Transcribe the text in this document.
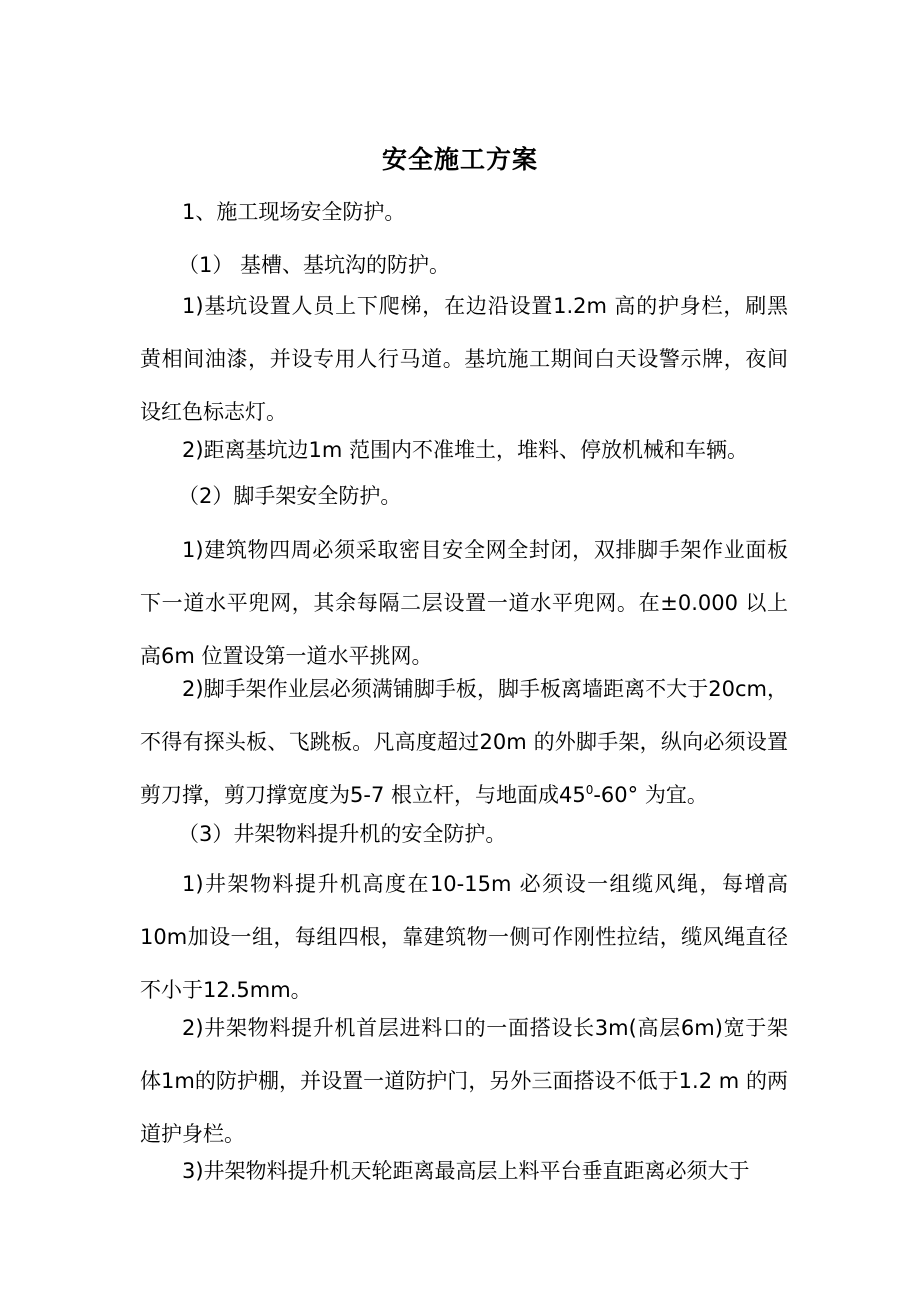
安全施工方案

1、施工现场安全防护。

（1） 基槽、基坑沟的防护。

1)基坑设置人员上下爬梯，在边沿设置1.2m 高的护身栏，刷黑黄相间油漆，并设专用人行马道。基坑施工期间白天设警示牌，夜间设红色标志灯。

2)距离基坑边1m 范围内不准堆土，堆料、停放机械和车辆。

（2）脚手架安全防护。

1)建筑物四周必须采取密目安全网全封闭，双排脚手架作业面板下一道水平兜网，其余每隔二层设置一道水平兜网。在±0.000 以上高6m 位置设第一道水平挑网。

2)脚手架作业层必须满铺脚手板，脚手板离墙距离不大于20cm，不得有探头板、飞跳板。凡高度超过20m 的外脚手架，纵向必须设置剪刀撑，剪刀撑宽度为5-7 根立杆，与地面成$45^0-60^\circ$ 为宜。

（3）井架物料提升机的安全防护。

1)井架物料提升机高度在10-15m 必须设一组缆风绳，每增高10m加设一组，每组四根，靠建筑物一侧可作刚性拉结，缆风绳直径不小于12.5mm。

2)井架物料提升机首层进料口的一面搭设长3m(高层6m)宽于架体1m的防护棚，并设置一道防护门，另外三面搭设不低于1.2 m 的两道护身栏。

3)井架物料提升机天轮距离最高层上料平台垂直距离必须大于
